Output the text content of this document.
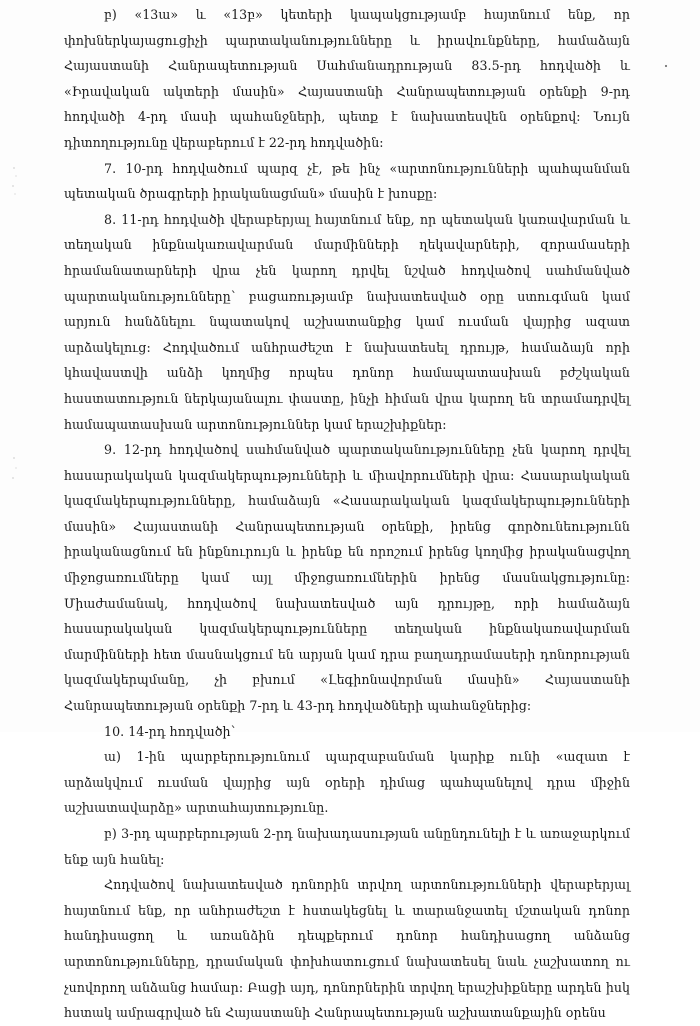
բ) «13ա» և «13բ» կետերի կապակցությամբ հայտնում ենք, որ փոխներկայացուցիչի պարտականությունները և իրավունքները, համաձայն Հայաստանի Հանրապետության Սահմանադրության 83.5-րդ հոդվածի և «Իրավական ակտերի մասին» Հայաստանի Հանրապետության օրենքի 9-րդ հոդվածի 4-րդ մասի պահանջների, պետք է նախատեսվեն օրենքով: Նույն դիտողությունը վերաբերում է 22-րդ հոդվածին:

7. 10-րդ հոդվածում պարզ չէ, թե ինչ «արտոնությունների պահպանման պետական ծրագրերի իրականացման» մասին է խոսքը:

8. 11-րդ հոդվածի վերաբերյալ հայտնում ենք, որ պետական կառավարման և տեղական ինքնակառավարման մարմինների ղեկավարների, զորամասերի հրամանատարների վրա չեն կարող դրվել նշված հոդվածով սահմանված պարտականությունները՝ բացառությամբ նախատեսված օրը ստուգման կամ արյուն հանձնելու նպատակով աշխատանքից կամ ուսման վայրից ազատ արձակելուց: Հոդվածում անհրաժեշտ է նախատեսել դրույթ, համաձայն որի կհավաստվի անձի կողմից որպես դոնոր համապատասխան բժշկական հաստատություն ներկայանալու փաստը, ինչի հիման վրա կարող են տրամադրվել համապատասխան արտոնություններ կամ երաշխիքներ:

9. 12-րդ հոդվածով սահմանված պարտականությունները չեն կարող դրվել հասարակական կազմակերպությունների և միավորումների վրա: Հասարակական կազմակերպությունները, համաձայն «Հասարակական կազմակերպությունների մասին» Հայաստանի Հանրապետության օրենքի, իրենց գործունեությունն իրականացնում են ինքնուրույն և իրենք են որոշում իրենց կողմից իրականացվող միջոցառումները կամ այլ միջոցառումներին իրենց մասնակցությունը: Միաժամանակ, հոդվածով նախատեսված այն դրույթը, որի համաձայն հասարակական կազմակերպությունները տեղական ինքնակառավարման մարմինների հետ մասնակցում են արյան կամ դրա բաղադրամասերի դոնորության կազմակերպմանը, չի բխում «Լեգիոնավորման մասին» Հայաստանի Հանրապետության օրենքի 7-րդ և 43-րդ հոդվածների պահանջներից:

10. 14-րդ հոդվածի՝

ա) 1-ին պարբերությունում պարզաբանման կարիք ունի «ազատ է արձակվում ուսման վայրից այն օրերի դիմաց պահպանելով դրա միջին աշխատավարձը» արտահայտությունը.

բ) 3-րդ պարբերության 2-րդ նախադասության անընդունելի է և առաջարկում ենք այն հանել:

Հոդվածով նախատեսված դոնորին տրվող արտոնությունների վերաբերյալ հայտնում ենք, որ անհրաժեշտ է հստակեցնել և տարանջատել մշտական դոնոր հանդիսացող և առանձին դեպքերում դոնոր հանդիսացող անձանց արտոնությունները, դրամական փոխհատուցում նախատեսել նաև չաշխատող ու չսովորող անձանց համար: Բացի այդ, դոնորներին տրվող երաշխիքները արդեն իսկ հստակ ամրագրված են Հայաստանի Հանրապետության աշխատանքային օրենս
